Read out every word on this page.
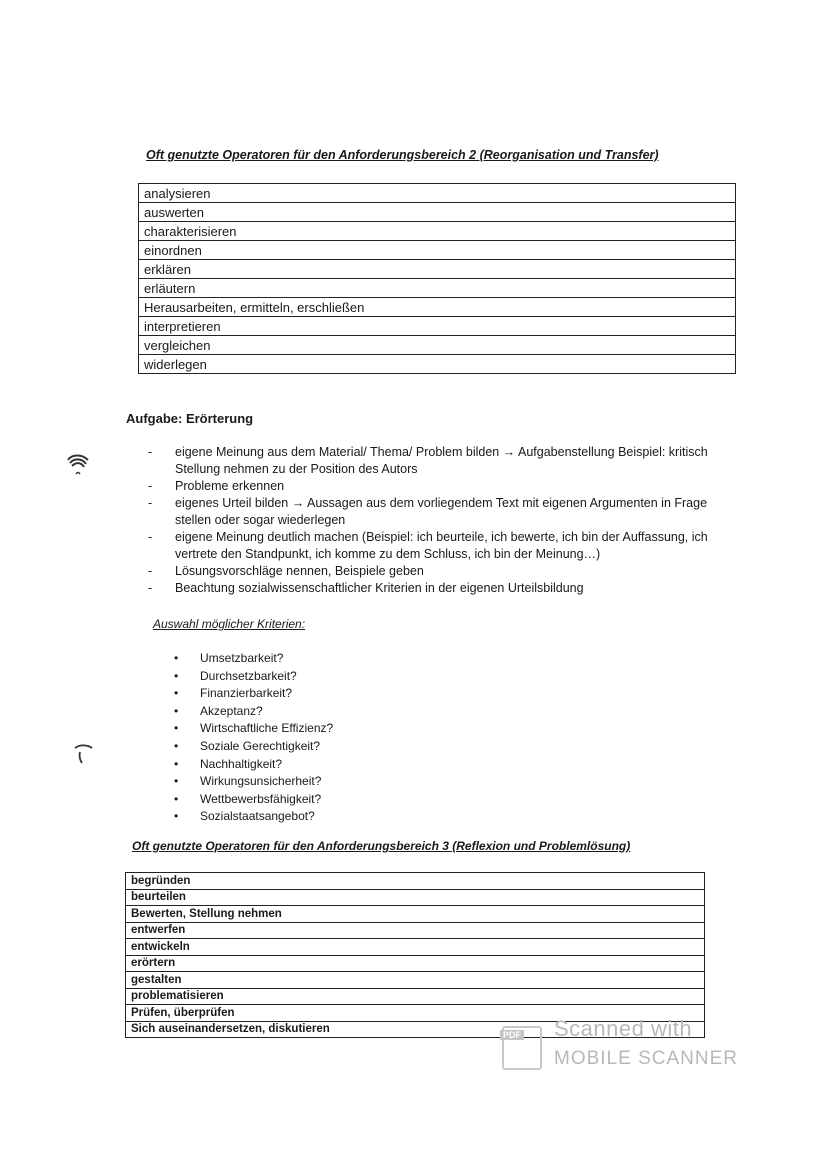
Oft genutzte Operatoren für den Anforderungsbereich 2 (Reorganisation und Transfer)
analysieren
auswerten
charakterisieren
einordnen
erklären
erläutern
Herausarbeiten, ermitteln, erschließen
interpretieren
vergleichen
widerlegen
Aufgabe: Erörterung
- eigene Meinung aus dem Material/ Thema/ Problem bilden → Aufgabenstellung Beispiel: kritisch Stellung nehmen zu der Position des Autors
- Probleme erkennen
- eigenes Urteil bilden → Aussagen aus dem vorliegendem Text mit eigenen Argumenten in Frage stellen oder sogar wiederlegen
- eigene Meinung deutlich machen (Beispiel: ich beurteile, ich bewerte, ich bin der Auffassung, ich vertrete den Standpunkt, ich komme zu dem Schluss, ich bin der Meinung…)
- Lösungsvorschläge nennen, Beispiele geben
- Beachtung sozialwissenschaftlicher Kriterien in der eigenen Urteilsbildung
Auswahl möglicher Kriterien:
• Umsetzbarkeit?
• Durchsetzbarkeit?
• Finanzierbarkeit?
• Akzeptanz?
• Wirtschaftliche Effizienz?
• Soziale Gerechtigkeit?
• Nachhaltigkeit?
• Wirkungsunsicherheit?
• Wettbewerbsfähigkeit?
• Sozialstaatsangebot?
Oft genutzte Operatoren für den Anforderungsbereich 3 (Reflexion und Problemlösung)
begründen
beurteilen
Bewerten, Stellung nehmen
entwerfen
entwickeln
erörtern
gestalten
problematisieren
Prüfen, überprüfen
Sich auseinandersetzen, diskutieren	PDF Scanned with
MOBILE SCANNER
